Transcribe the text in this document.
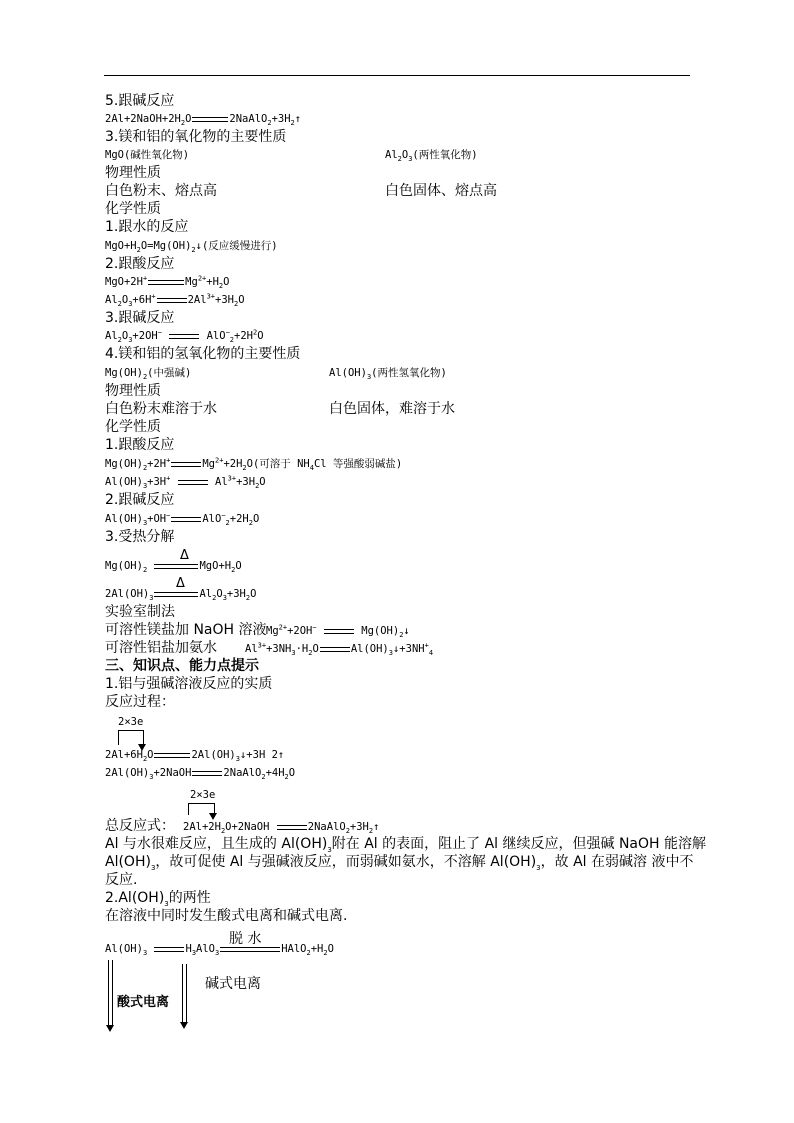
5.跟碱反应
$2Al+2NaOH+2H_2O$	$2NaAlO_2+3H_2↑$
3.镁和铝的氧化物的主要性质
MgO(碱性氧化物)	$Al_2O_3$(两性氧化物)
物理性质
白色粉末、熔点高	白色固体、熔点高
化学性质
1.跟水的反应
$MgO+H_2O=Mg(OH)_2↓$(反应缓慢进行)
2.跟酸反应
MgO+2H+	$Mg^{2+}+H_2O$
$Al_2O_3+6H^+$	$2Al^{3+}+3H_2O$
3.跟碱反应
$Al_2O_3+2OH^-$	$AlO^-_2+2H^2O$
4.镁和铝的氢氧化物的主要性质
$Mg(OH)_2$(中强碱)	$Al(OH)_3$(两性氢氧化物)
物理性质
白色粉末难溶于水	白色固体，难溶于水
化学性质
1.跟酸反应
$Mg(OH)_2+2H^+$	$Mg^{2+}+2H_2O$(可溶于 $NH_4Cl$ 等强酸弱碱盐)
$Al(OH)_3+3H^+$	$Al^{3+}+3H_2O$
2.跟碱反应
$Al(OH)_3+OH^-$	$AlO^-_2+2H_2O$
3.受热分解
Δ
$Mg(OH)_2$	$MgO+H_2O$
Δ
$2Al(OH)_3$	$Al_2O_3+3H_2O$
实验室制法
可溶性镁盐加 NaOH 溶液 $Mg^{2+}+2OH^-$	$Mg(OH)_2↓$
可溶性铝盐加氨水	$Al^{3+}+3NH_3\cdot H_2O$	$Al(OH)_3↓+3NH^+_4$
三、知识点、能力点提示
1.铝与强碱溶液反应的实质
反应过程：
2×3e
$2Al+6H_2O$	$2Al(OH)_3↓+3H$ 2↑
$2Al(OH)_3+2NaOH$	$2NaAlO_2+4H_2O$
2×3e
总反应式： $2Al+2H_2O+2NaOH$	$2NaAlO_2+3H_2↑$
Al 与水很难反应，且生成的 $Al(OH)_3$附在 Al 的表面，阻止了 Al 继续反应，但强碱 NaOH 能溶解
$Al(OH)_3$，故可促使 Al 与强碱液反应，而弱碱如氨水，不溶解 $Al(OH)_3$，故 Al 在弱碱溶 液中不
反应.
$2.Al(OH)_3$的两性
在溶液中同时发生酸式电离和碱式电离.
脱 水
$Al(OH)_3$	$H_3AlO_3$	$HAlO_2+H_2O$
酸式电离
碱式电离
